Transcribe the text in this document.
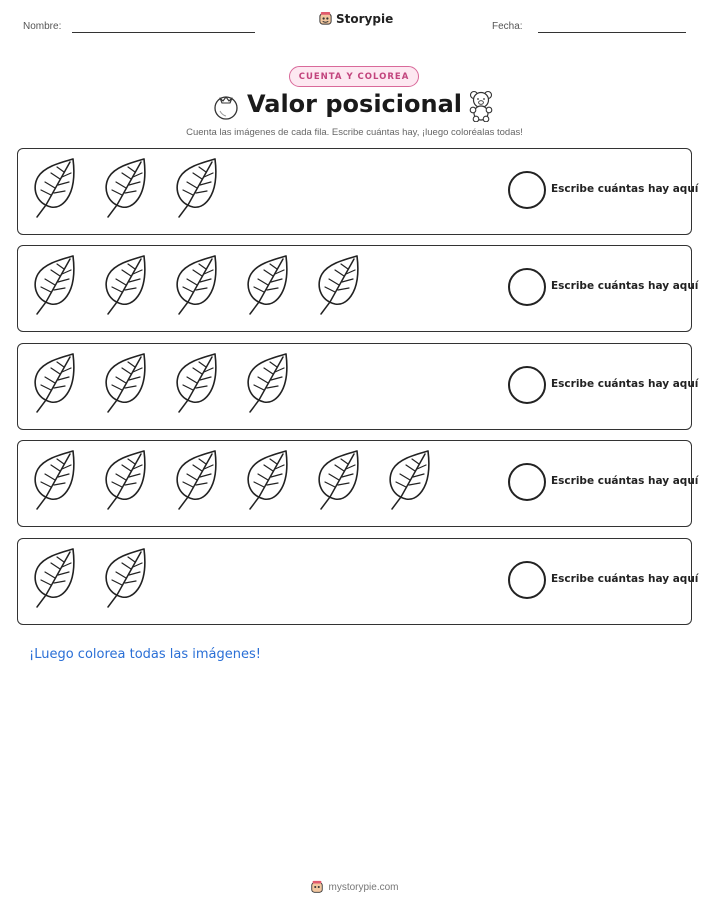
Nombre:
Storypie
Fecha:
CUENTA Y COLOREA
Valor posicional
Cuenta las imágenes de cada fila. Escribe cuántas hay, ¡luego coloréalas todas!
Escribe cuántas hay aquí
Escribe cuántas hay aquí
Escribe cuántas hay aquí
Escribe cuántas hay aquí
Escribe cuántas hay aquí
¡Luego colorea todas las imágenes!
mystorypie.com
